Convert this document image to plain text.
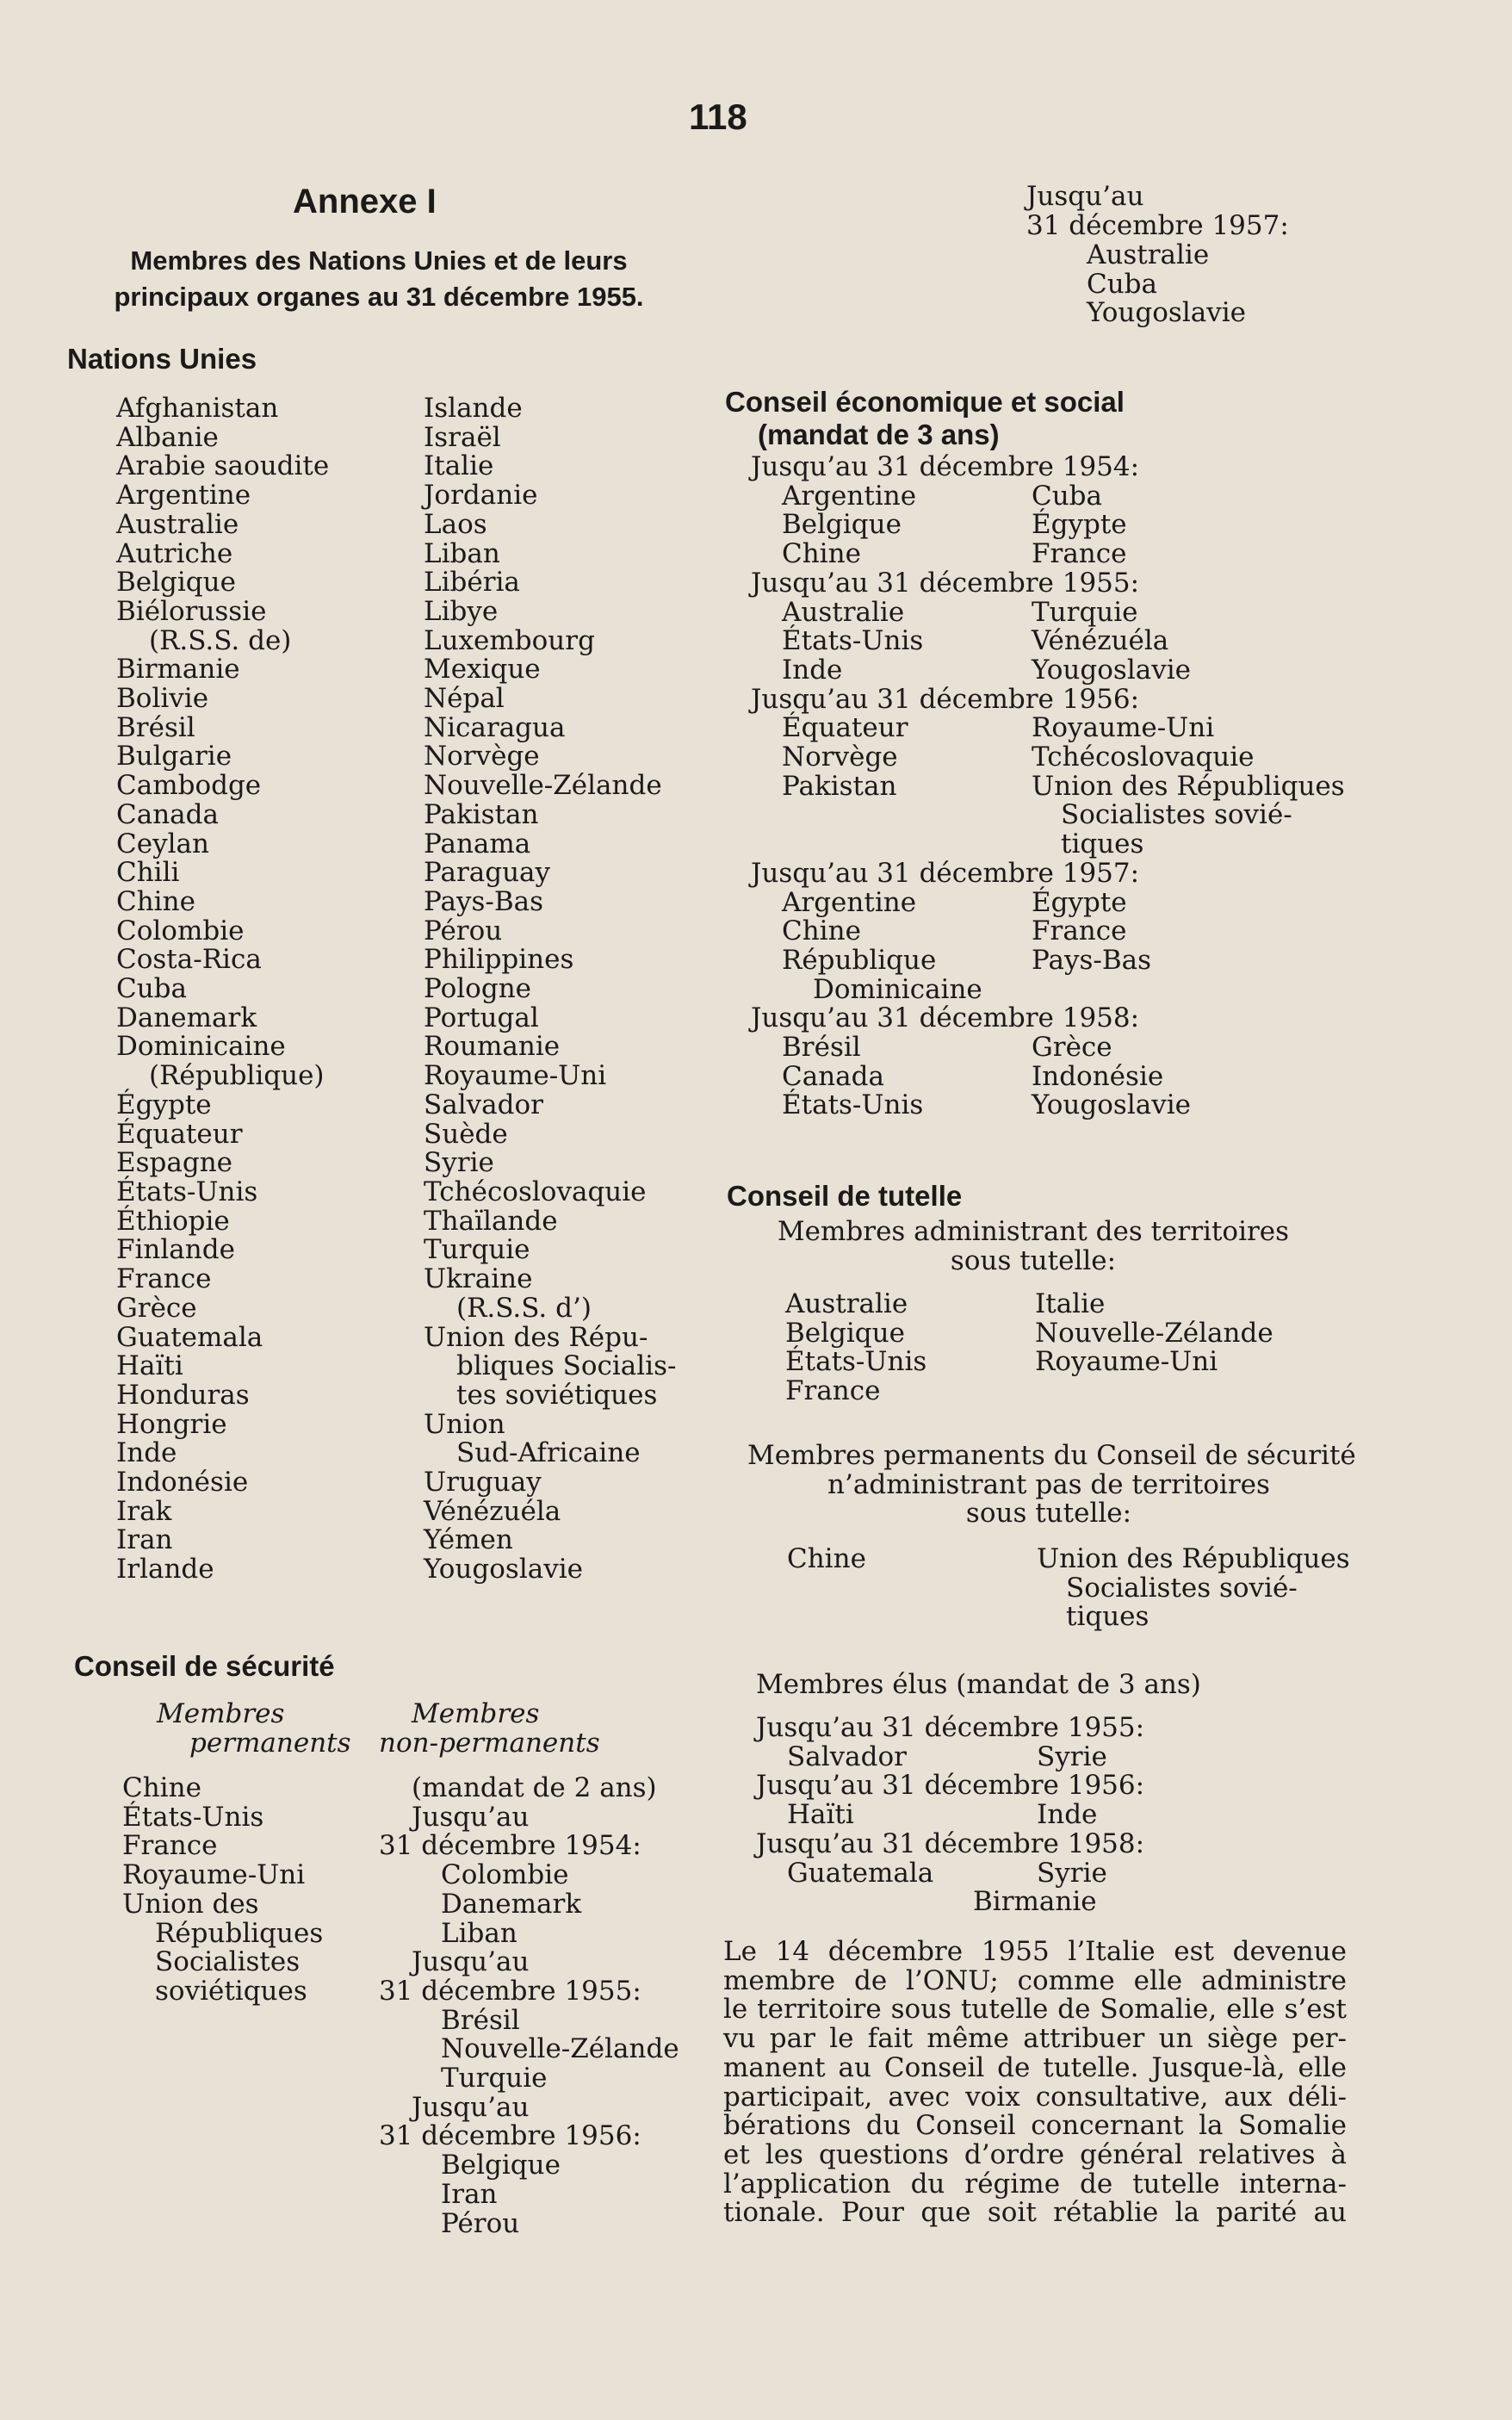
118
Annexe I
Membres des Nations Unies et de leurs
principaux organes au 31 décembre 1955.
Nations Unies
Afghanistan
Albanie
Arabie saoudite
Argentine
Australie
Autriche
Belgique
Biélorussie
(R.S.S. de)
Birmanie
Bolivie
Brésil
Bulgarie
Cambodge
Canada
Ceylan
Chili
Chine
Colombie
Costa-Rica
Cuba
Danemark
Dominicaine
(République)
Égypte
Équateur
Espagne
États-Unis
Éthiopie
Finlande
France
Grèce
Guatemala
Haïti
Honduras
Hongrie
Inde
Indonésie
Irak
Iran
Irlande
Islande
Israël
Italie
Jordanie
Laos
Liban
Libéria
Libye
Luxembourg
Mexique
Népal
Nicaragua
Norvège
Nouvelle-Zélande
Pakistan
Panama
Paraguay
Pays-Bas
Pérou
Philippines
Pologne
Portugal
Roumanie
Royaume-Uni
Salvador
Suède
Syrie
Tchécoslovaquie
Thaïlande
Turquie
Ukraine
(R.S.S. d’)
Union des Répu-
bliques Socialis-
tes soviétiques
Union
Sud-Africaine
Uruguay
Vénézuéla
Yémen
Yougoslavie
Conseil de sécurité
Membres
permanents
Membres
non-permanents
Chine
États-Unis
France
Royaume-Uni
Union des
Républiques
Socialistes
soviétiques
(mandat de 2 ans)
Jusqu’au
31 décembre 1954:
Colombie
Danemark
Liban
Jusqu’au
31 décembre 1955:
Brésil
Nouvelle-Zélande
Turquie
Jusqu’au
31 décembre 1956:
Belgique
Iran
Pérou
Jusqu’au
31 décembre 1957:
Australie
Cuba
Yougoslavie
Conseil économique et social
(mandat de 3 ans)
Jusqu’au 31 décembre 1954:
Argentine	Cuba
Belgique	Égypte
Chine	France
Jusqu’au 31 décembre 1955:
Australie	Turquie
États-Unis	Vénézuéla
Inde	Yougoslavie
Jusqu’au 31 décembre 1956:
Équateur	Royaume-Uni
Norvège	Tchécoslovaquie
Pakistan	Union des Républiques
Socialistes sovié-
tiques
Jusqu’au 31 décembre 1957:
Argentine	Égypte
Chine	France
République	Pays-Bas
Dominicaine
Jusqu’au 31 décembre 1958:
Brésil	Grèce
Canada	Indonésie
États-Unis	Yougoslavie
Conseil de tutelle
Membres administrant des territoires
sous tutelle:
Australie	Italie
Belgique	Nouvelle-Zélande
États-Unis	Royaume-Uni
France
Membres permanents du Conseil de sécurité
n’administrant pas de territoires
sous tutelle:
Chine	Union des Républiques
Socialistes sovié-
tiques
Membres élus (mandat de 3 ans)
Jusqu’au 31 décembre 1955:
Salvador	Syrie
Jusqu’au 31 décembre 1956:
Haïti	Inde
Jusqu’au 31 décembre 1958:
Guatemala	Syrie
Birmanie
Le 14 décembre 1955 l’Italie est devenue
membre de l’ONU; comme elle administre
le territoire sous tutelle de Somalie, elle s’est
vu par le fait même attribuer un siège per-
manent au Conseil de tutelle. Jusque-là, elle
participait, avec voix consultative, aux déli-
bérations du Conseil concernant la Somalie
et les questions d’ordre général relatives à
l’application du régime de tutelle interna-
tionale. Pour que soit rétablie la parité au
